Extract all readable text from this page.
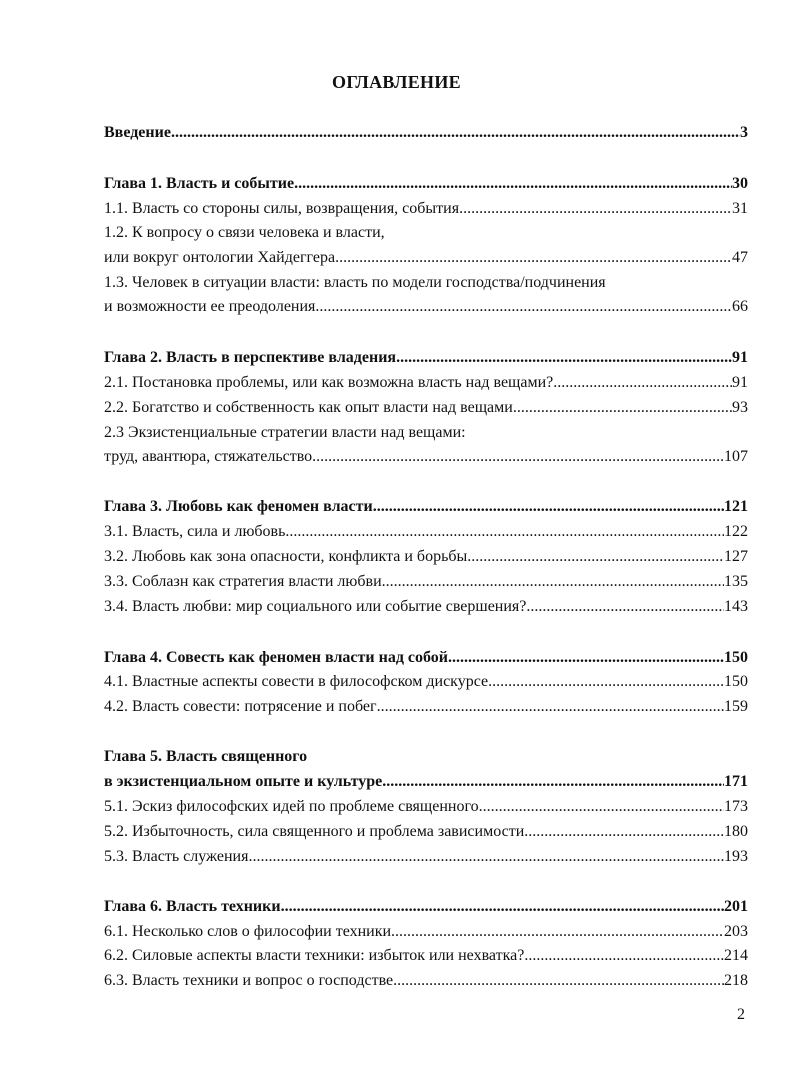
ОГЛАВЛЕНИЕ
Введение .....	3
Глава 1. Власть и событие .....	30
1.1. Власть со стороны силы, возвращения, события .....	31
1.2. К вопросу о связи человека и власти,
или вокруг онтологии Хайдеггера .....	47
1.3. Человек в ситуации власти: власть по модели господства/подчинения
и возможности ее преодоления .....	66
Глава 2. Власть в перспективе владения .....	91
2.1. Постановка проблемы, или как возможна власть над вещами? .....	91
2.2. Богатство и собственность как опыт власти над вещами .....	93
2.3 Экзистенциальные стратегии власти над вещами:
труд, авантюра, стяжательство .....	107
Глава 3. Любовь как феномен власти .....	121
3.1. Власть, сила и любовь .....	122
3.2. Любовь как зона опасности, конфликта и борьбы .....	127
3.3. Соблазн как стратегия власти любви .....	135
3.4. Власть любви: мир социального или событие свершения? .....	143
Глава 4. Совесть как феномен власти над собой .....	150
4.1. Властные аспекты совести в философском дискурсе .....	150
4.2. Власть совести: потрясение и побег .....	159
Глава 5. Власть священного
в экзистенциальном опыте и культуре .....	171
5.1. Эскиз философских идей по проблеме священного .....	173
5.2. Избыточность, сила священного и проблема зависимости .....	180
5.3. Власть служения .....	193
Глава 6. Власть техники .....	201
6.1. Несколько слов о философии техники .....	203
6.2. Силовые аспекты власти техники: избыток или нехватка? .....	214
6.3. Власть техники и вопрос о господстве .....	218
2
